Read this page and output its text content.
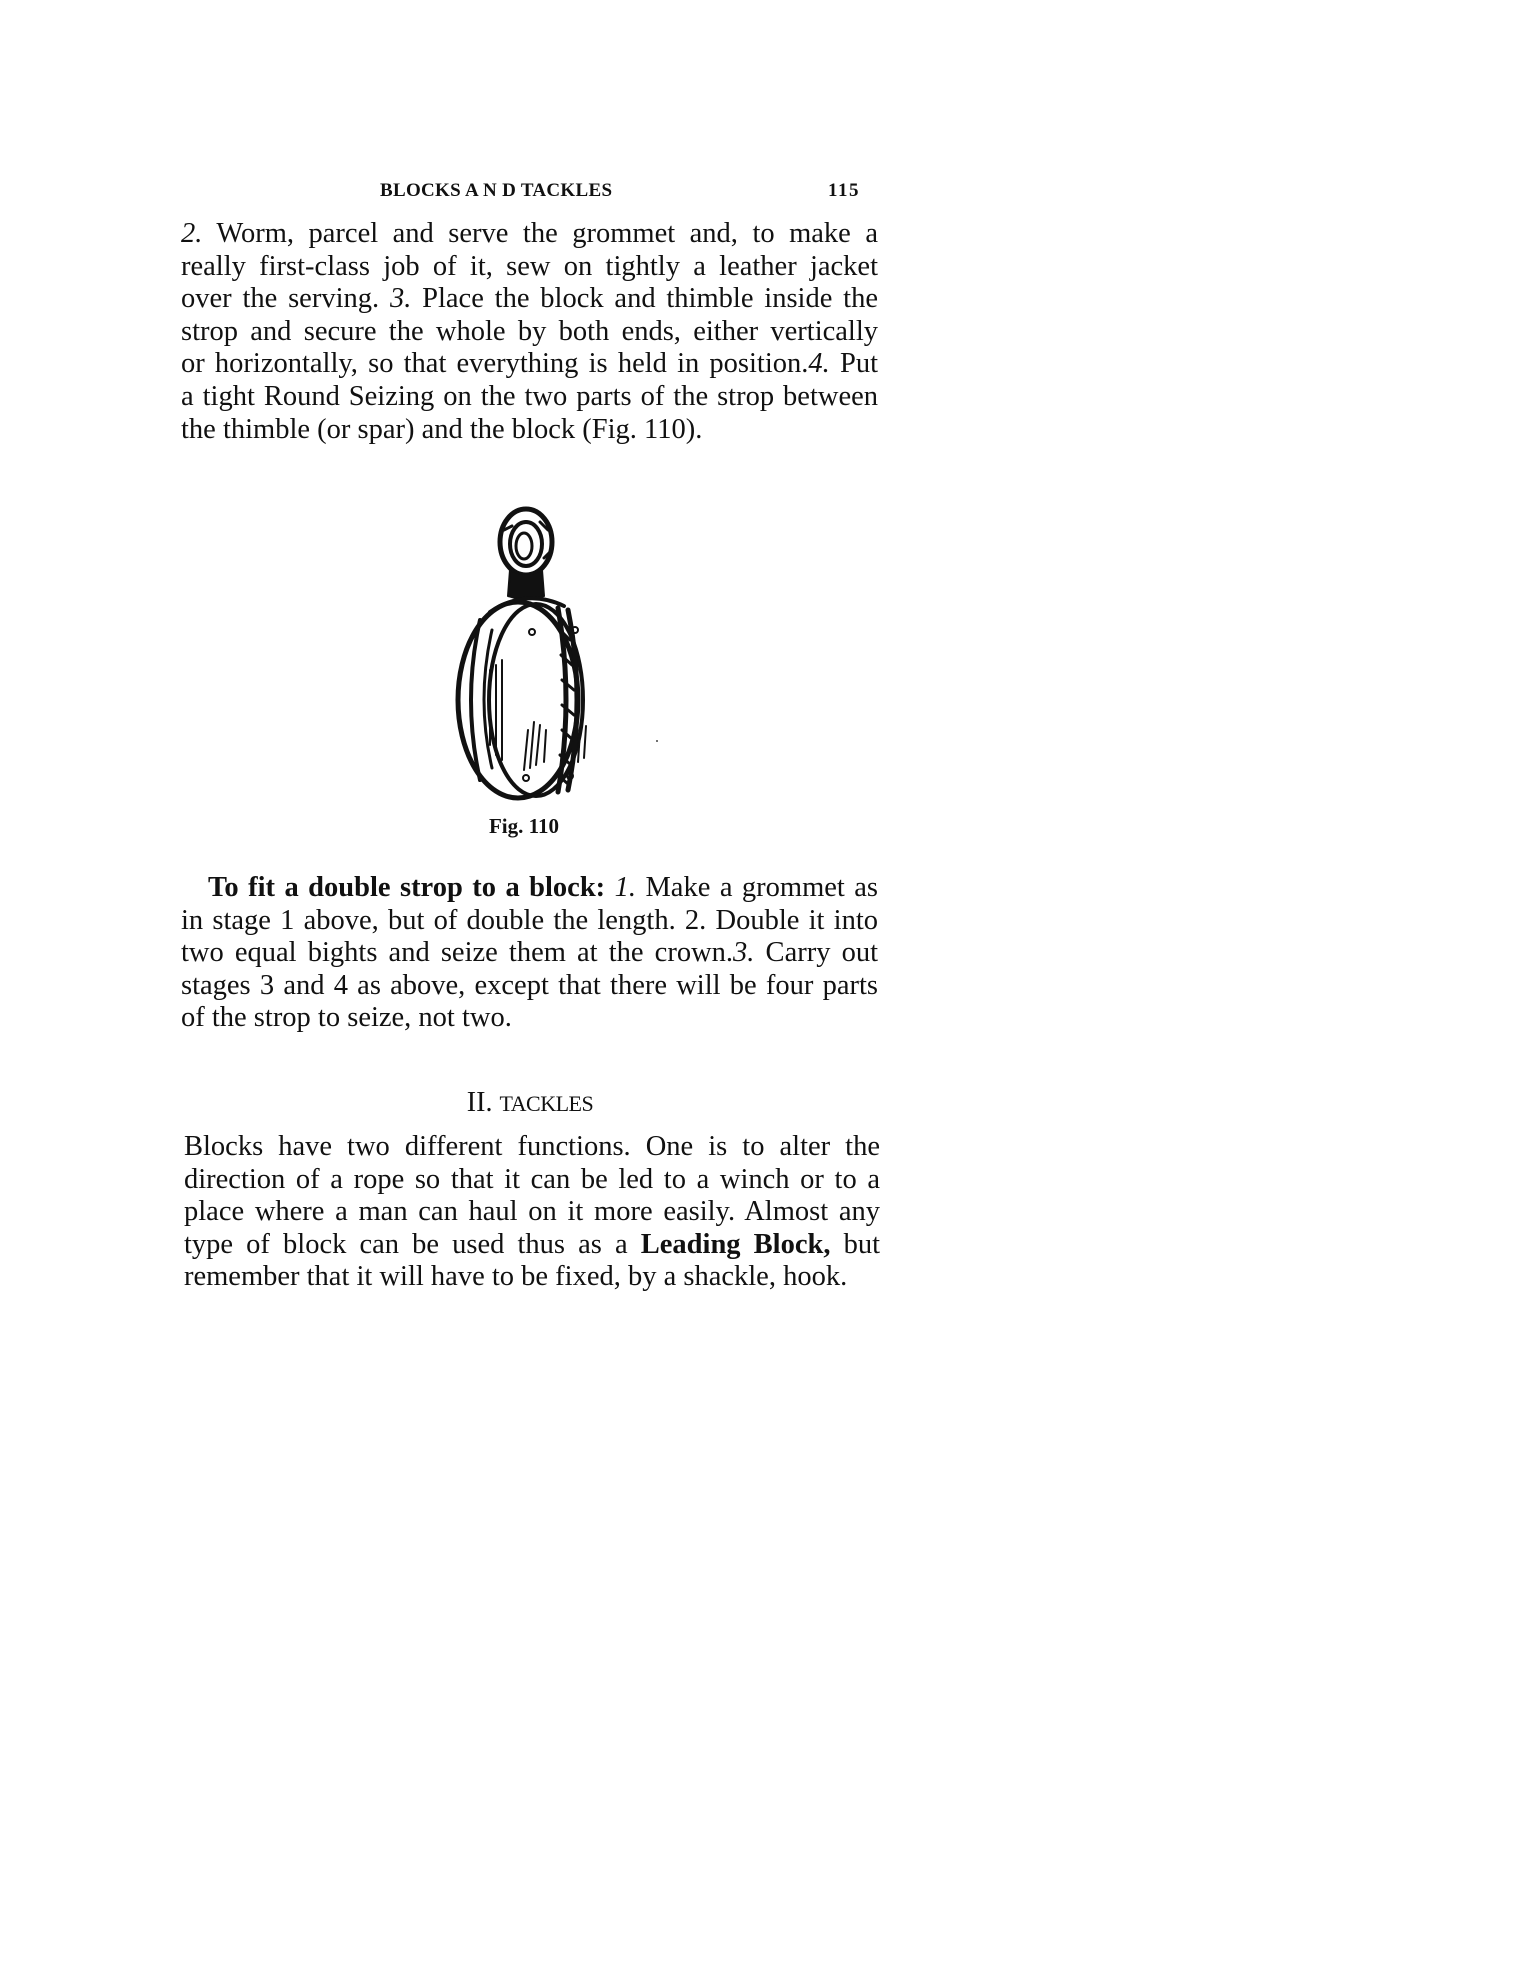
BLOCKS A N D TACKLES	115

2. Worm, parcel and serve the grommet and, to make a
really first-class job of it, sew on tightly a leather jacket
over the serving. 3. Place the block and thimble inside the
strop and secure the whole by both ends, either vertically
or horizontally, so that everything is held in position.4. Put
a tight Round Seizing on the two parts of the strop between
the thimble (or spar) and the block (Fig. 110).

Fig. 110

To fit a double strop to a block: 1. Make a grommet as
in stage 1 above, but of double the length. 2. Double it into
two equal bights and seize them at the crown.3. Carry out
stages 3 and 4 as above, except that there will be four parts
of the strop to seize, not two.

II. TACKLES

Blocks have two different functions. One is to alter the
direction of a rope so that it can be led to a winch or to a
place where a man can haul on it more easily. Almost any
type of block can be used thus as a Leading Block, but
remember that it will have to be fixed, by a shackle, hook.
